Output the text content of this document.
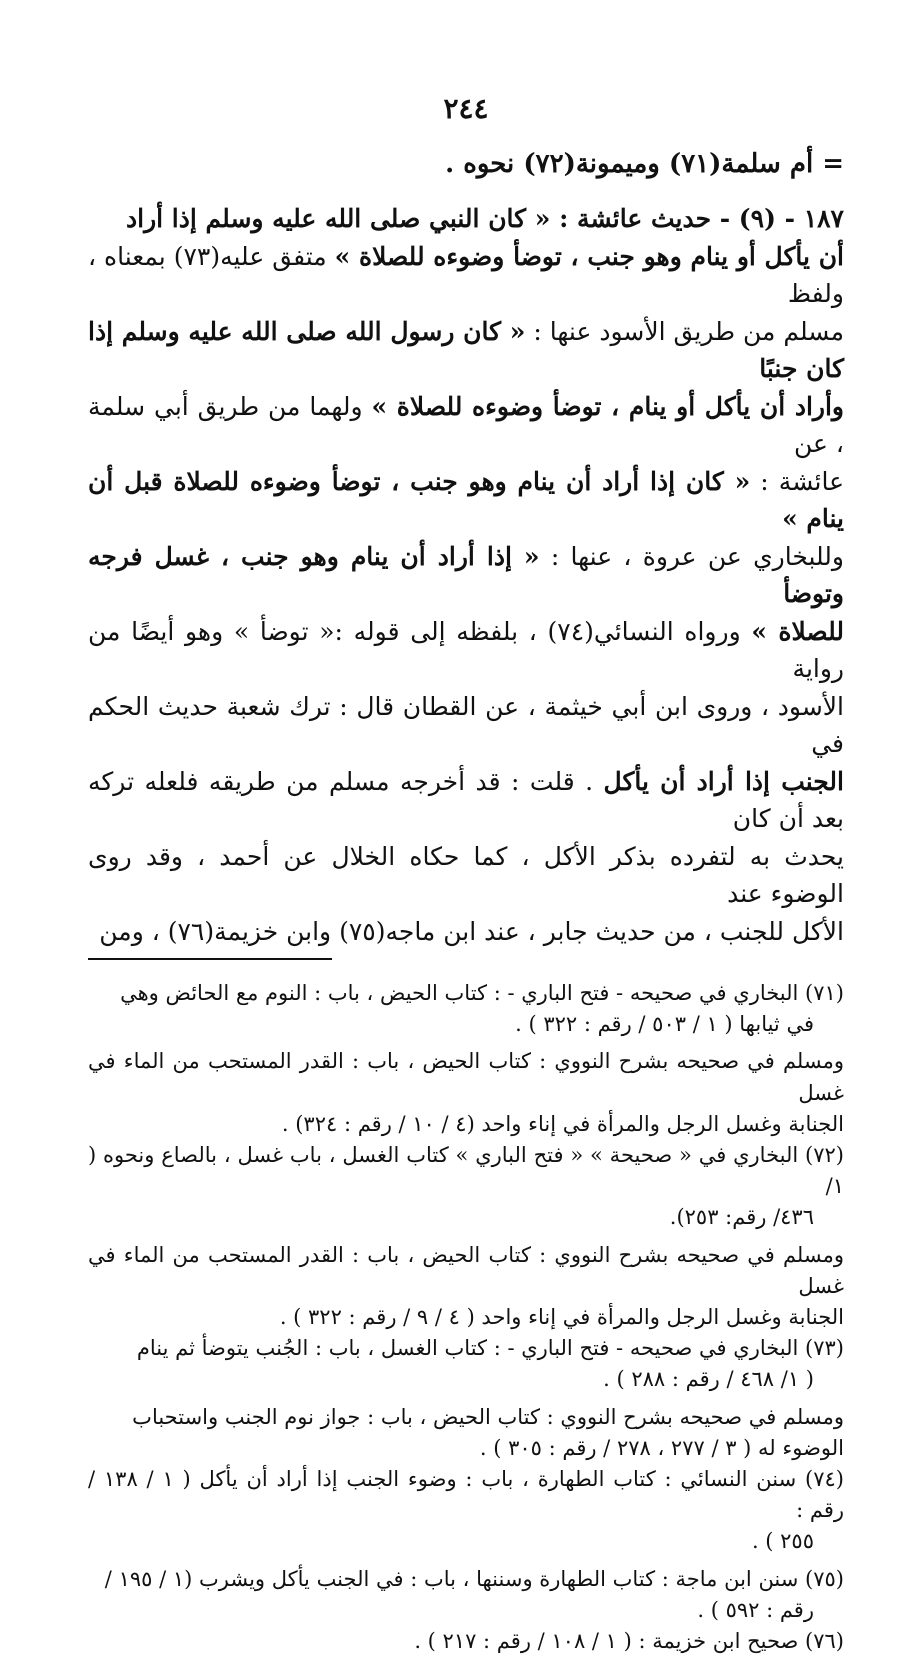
٢٤٤
= أم سلمة(٧١) وميمونة(٧٢) نحوه .

١٨٧ - (٩) - حديث عائشة : « كان النبي صلى الله عليه وسلم إذا أراد

أن يأكل أو ينام وهو جنب ، توضأ وضوءه للصلاة » متفق عليه(٧٣) بمعناه ، ولفظ

مسلم من طريق الأسود عنها : « كان رسول الله صلى الله عليه وسلم إذا كان جنبًا

وأراد أن يأكل أو ينام ، توضأ وضوءه للصلاة » ولهما من طريق أبي سلمة ، عن

عائشة : « كان إذا أراد أن ينام وهو جنب ، توضأ وضوءه للصلاة قبل أن ينام »

وللبخاري عن عروة ، عنها : « إذا أراد أن ينام وهو جنب ، غسل فرجه وتوضأ

للصلاة » ورواه النسائي(٧٤) ، بلفظه إلى قوله :« توضأ » وهو أيضًا من رواية

الأسود ، وروى ابن أبي خيثمة ، عن القطان قال : ترك شعبة حديث الحكم في

الجنب إذا أراد أن يأكل . قلت : قد أخرجه مسلم من طريقه فلعله تركه بعد أن كان

يحدث به لتفرده بذكر الأكل ، كما حكاه الخلال عن أحمد ، وقد روى الوضوء عند

الأكل للجنب ، من حديث جابر ، عند ابن ماجه(٧٥) وابن خزيمة(٧٦) ، ومن

(٧١) البخاري في صحيحه - فتح الباري - : كتاب الحيض ، باب : النوم مع الحائض وهي
في ثيابها ( ١ / ٥٠٣ / رقم : ٣٢٢ ) .
ومسلم في صحيحه بشرح النووي : كتاب الحيض ، باب : القدر المستحب من الماء في غسل
الجنابة وغسل الرجل والمرأة في إناء واحد (٤ / ١٠ / رقم : ٣٢٤) .
(٧٢) البخاري في « صحيحة » « فتح الباري » كتاب الغسل ، باب غسل ، بالصاع ونحوه ( ١/
٤٣٦/ رقم: ٢٥٣).
ومسلم في صحيحه بشرح النووي : كتاب الحيض ، باب : القدر المستحب من الماء في غسل
الجنابة وغسل الرجل والمرأة في إناء واحد ( ٤ / ٩ / رقم : ٣٢٢ ) .
(٧٣) البخاري في صحيحه - فتح الباري - : كتاب الغسل ، باب : الجُنب يتوضأ ثم ينام
( ١/ ٤٦٨ / رقم : ٢٨٨ ) .
ومسلم في صحيحه بشرح النووي : كتاب الحيض ، باب : جواز نوم الجنب واستحباب
الوضوء له ( ٣ / ٢٧٧ ، ٢٧٨ / رقم : ٣٠٥ ) .
(٧٤) سنن النسائي : كتاب الطهارة ، باب : وضوء الجنب إذا أراد أن يأكل ( ١ / ١٣٨ / رقم :
٢٥٥ ) .
(٧٥) سنن ابن ماجة : كتاب الطهارة وسننها ، باب : في الجنب يأكل ويشرب (١ / ١٩٥ /
رقم : ٥٩٢ ) .
(٧٦) صحيح ابن خزيمة : ( ١ / ١٠٨ / رقم : ٢١٧ ) .
